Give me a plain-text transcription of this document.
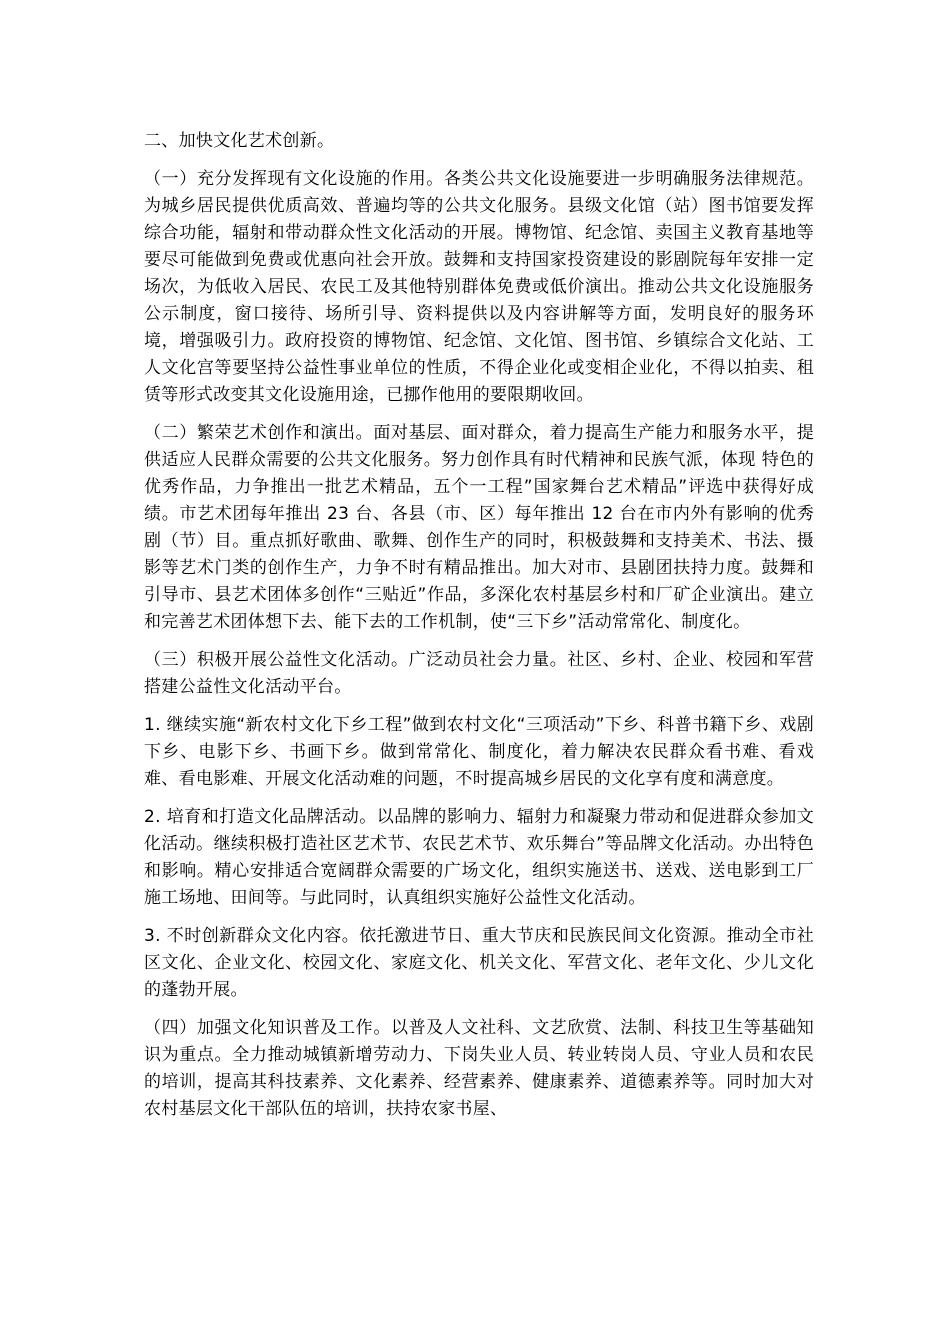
二、加快文化艺术创新。
（一）充分发挥现有文化设施的作用。各类公共文化设施要进一步明确服务法律规范。为城乡居民提供优质高效、普遍均等的公共文化服务。县级文化馆（站）图书馆要发挥综合功能，辐射和带动群众性文化活动的开展。博物馆、纪念馆、卖国主义教育基地等要尽可能做到免费或优惠向社会开放。鼓舞和支持国家投资建设的影剧院每年安排一定场次，为低收入居民、农民工及其他特别群体免费或低价演出。推动公共文化设施服务公示制度，窗口接待、场所引导、资料提供以及内容讲解等方面，发明良好的服务环境，增强吸引力。政府投资的博物馆、纪念馆、文化馆、图书馆、乡镇综合文化站、工人文化宫等要坚持公益性事业单位的性质，不得企业化或变相企业化，不得以拍卖、租赁等形式改变其文化设施用途，已挪作他用的要限期收回。
（二）繁荣艺术创作和演出。面对基层、面对群众，着力提高生产能力和服务水平，提供适应人民群众需要的公共文化服务。努力创作具有时代精神和民族气派，体现 特色的优秀作品，力争推出一批艺术精品，五个一工程”国家舞台艺术精品”评选中获得好成绩。市艺术团每年推出 23 台、各县（市、区）每年推出 12 台在市内外有影响的优秀剧（节）目。重点抓好歌曲、歌舞、创作生产的同时，积极鼓舞和支持美术、书法、摄影等艺术门类的创作生产，力争不时有精品推出。加大对市、县剧团扶持力度。鼓舞和引导市、县艺术团体多创作“三贴近”作品，多深化农村基层乡村和厂矿企业演出。建立和完善艺术团体想下去、能下去的工作机制，使“三下乡”活动常常化、制度化。
（三）积极开展公益性文化活动。广泛动员社会力量。社区、乡村、企业、校园和军营搭建公益性文化活动平台。
1. 继续实施“新农村文化下乡工程”做到农村文化“三项活动”下乡、科普书籍下乡、戏剧下乡、电影下乡、书画下乡。做到常常化、制度化，着力解决农民群众看书难、看戏难、看电影难、开展文化活动难的问题，不时提高城乡居民的文化享有度和满意度。
2. 培育和打造文化品牌活动。以品牌的影响力、辐射力和凝聚力带动和促进群众参加文化活动。继续积极打造社区艺术节、农民艺术节、欢乐舞台”等品牌文化活动。办出特色和影响。精心安排适合宽阔群众需要的广场文化，组织实施送书、送戏、送电影到工厂施工场地、田间等。与此同时，认真组织实施好公益性文化活动。
3. 不时创新群众文化内容。依托激进节日、重大节庆和民族民间文化资源。推动全市社区文化、企业文化、校园文化、家庭文化、机关文化、军营文化、老年文化、少儿文化的蓬勃开展。
（四）加强文化知识普及工作。以普及人文社科、文艺欣赏、法制、科技卫生等基础知识为重点。全力推动城镇新增劳动力、下岗失业人员、转业转岗人员、守业人员和农民的培训，提高其科技素养、文化素养、经营素养、健康素养、道德素养等。同时加大对农村基层文化干部队伍的培训，扶持农家书屋、
